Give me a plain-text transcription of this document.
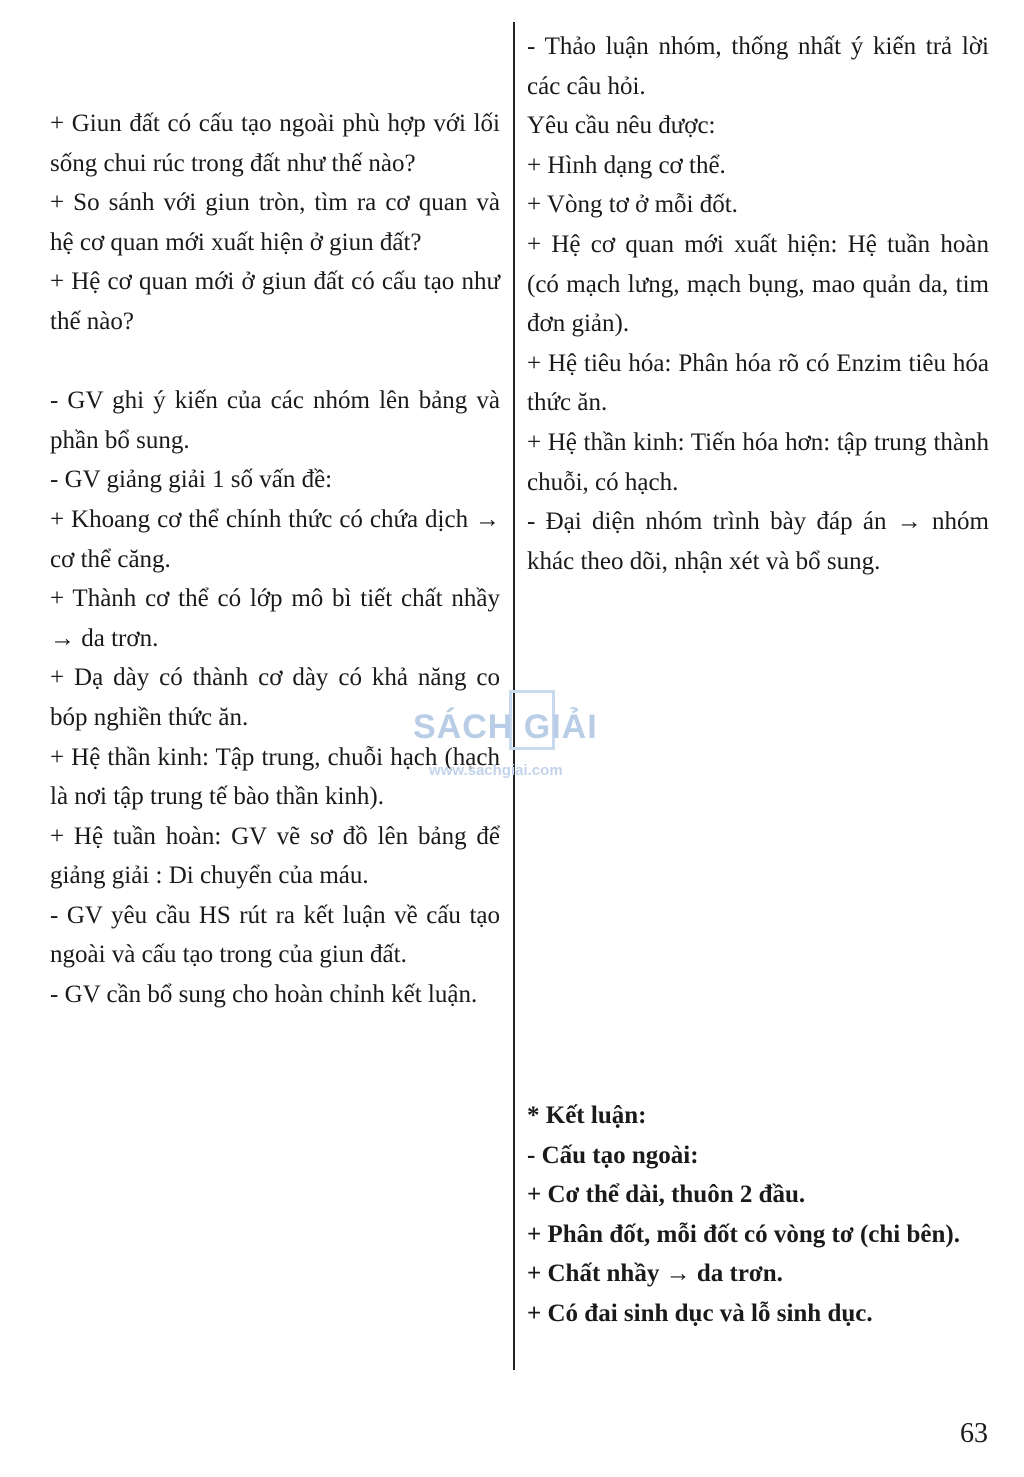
+ Giun đất có cấu tạo ngoài phù hợp với lối sống chui rúc trong đất như thế nào?

+ So sánh với giun tròn, tìm ra cơ quan và hệ cơ quan mới xuất hiện ở giun đất?

+ Hệ cơ quan mới ở giun đất có cấu tạo như thế nào?

- GV ghi ý kiến của các nhóm lên bảng và phần bổ sung.

- GV giảng giải 1 số vấn đề:

+ Khoang cơ thể chính thức có chứa dịch → cơ thể căng.

+ Thành cơ thể có lớp mô bì tiết chất nhầy → da trơn.

+ Dạ dày có thành cơ dày có khả năng co bóp nghiền thức ăn.

+ Hệ thần kinh: Tập trung, chuỗi hạch (hạch là nơi tập trung tế bào thần kinh).

+ Hệ tuần hoàn: GV vẽ sơ đồ lên bảng để giảng giải : Di chuyển của máu.

- GV yêu cầu HS rút ra kết luận về cấu tạo ngoài và cấu tạo trong của giun đất.

- GV cần bổ sung cho hoàn chỉnh kết luận.

- Thảo luận nhóm, thống nhất ý kiến trả lời các câu hỏi.

Yêu cầu nêu được:

+ Hình dạng cơ thể.

+ Vòng tơ ở mỗi đốt.

+ Hệ cơ quan mới xuất hiện: Hệ tuần hoàn (có mạch lưng, mạch bụng, mao quản da, tim đơn giản).

+ Hệ tiêu hóa: Phân hóa rõ có Enzim tiêu hóa thức ăn.

+ Hệ thần kinh: Tiến hóa hơn: tập trung thành chuỗi, có hạch.

- Đại diện nhóm trình bày đáp án → nhóm khác theo dõi, nhận xét và bổ sung.

* Kết luận:

- Cấu tạo ngoài:

+ Cơ thể dài, thuôn 2 đầu.

+ Phân đốt, mỗi đốt có vòng tơ (chi bên).

+ Chất nhầy → da trơn.

+ Có đai sinh dục và lỗ sinh dục.

SÁCH GIẢI
www.sachgiai.com
63
